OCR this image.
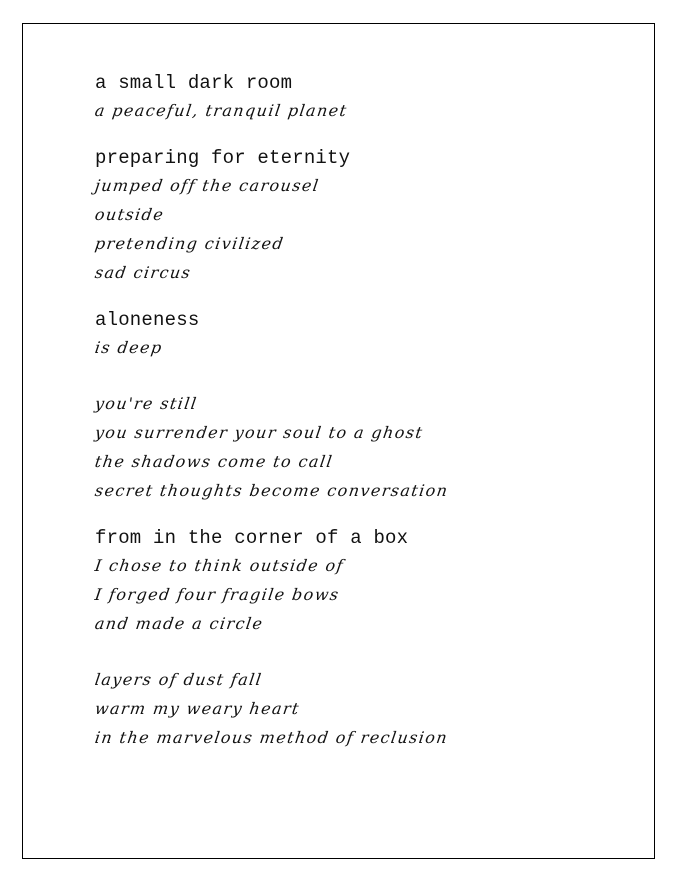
a small dark room
a peaceful, tranquil planet
preparing for eternity
jumped off the carousel
outside
pretending civilized
sad circus
aloneness
is deep
you're still
you surrender your soul to a ghost
the shadows come to call
secret thoughts become conversation
from in the corner of a box
I chose to think outside of
I forged four fragile bows
and made a circle
layers of dust fall
warm my weary heart
in the marvelous method of reclusion
